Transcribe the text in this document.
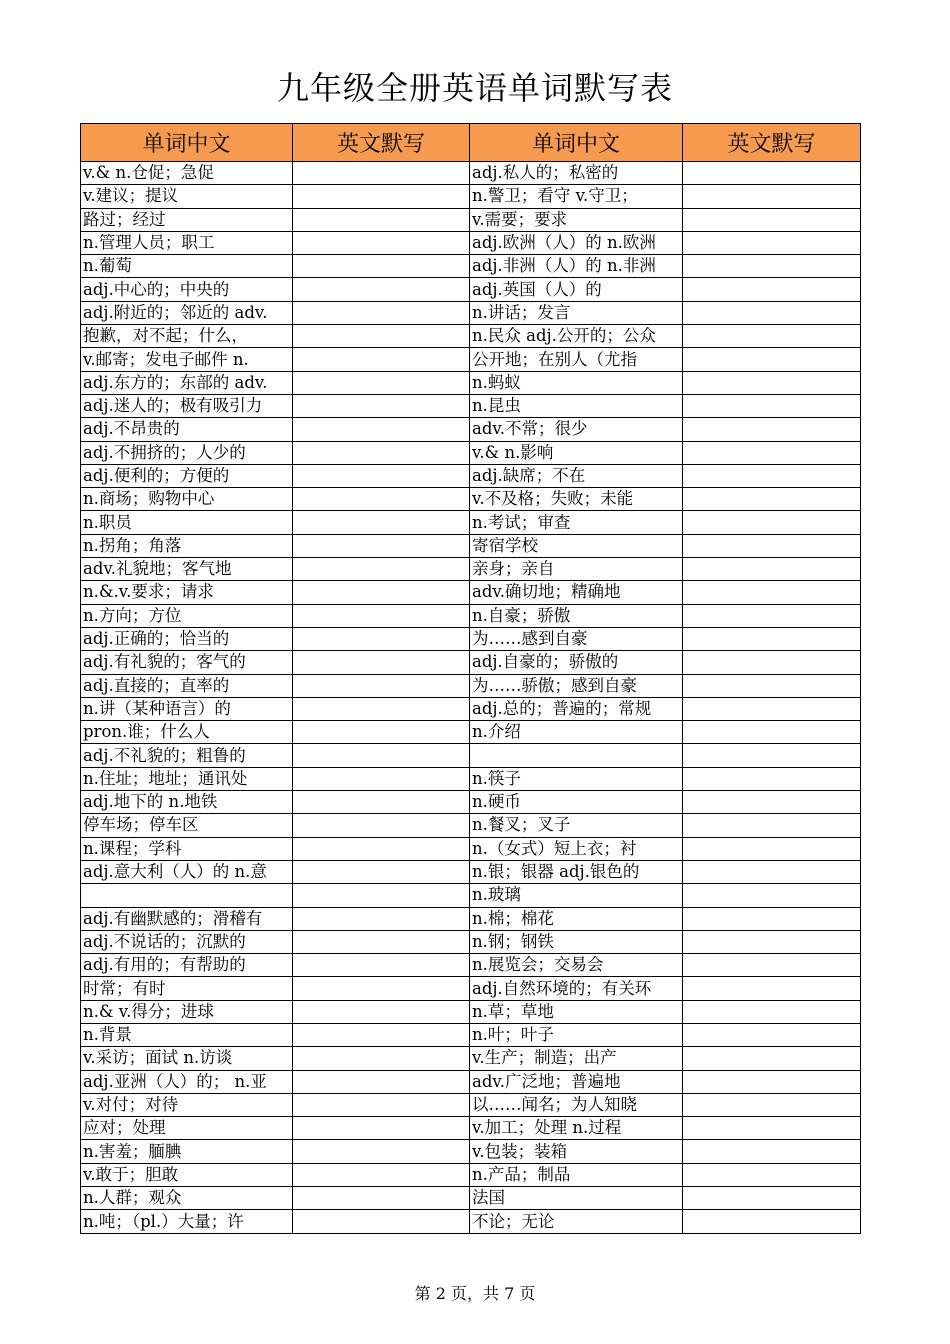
九年级全册英语单词默写表
单词中文	英文默写	单词中文	英文默写
v.& n.仓促；急促		adj.私人的；私密的	
v.建议；提议		n.警卫；看守 v.守卫；	
路过；经过		v.需要；要求	
n.管理人员；职工		adj.欧洲（人）的 n.欧洲	
n.葡萄		adj.非洲（人）的 n.非洲	
adj.中心的；中央的		adj.英国（人）的	
adj.附近的；邻近的 adv.		n.讲话；发言	
抱歉，对不起；什么，		n.民众 adj.公开的；公众	
v.邮寄；发电子邮件 n.		公开地；在别人（尤指	
adj.东方的；东部的 adv.		n.蚂蚁	
adj.迷人的；极有吸引力		n.昆虫	
adj.不昂贵的		adv.不常；很少	
adj.不拥挤的；人少的		v.& n.影响	
adj.便利的；方便的		adj.缺席；不在	
n.商场；购物中心		v.不及格；失败；未能	
n.职员		n.考试；审查	
n.拐角；角落		寄宿学校	
adv.礼貌地；客气地		亲身；亲自	
n.&.v.要求；请求		adv.确切地；精确地	
n.方向；方位		n.自豪；骄傲	
adj.正确的；恰当的		为……感到自豪	
adj.有礼貌的；客气的		adj.自豪的；骄傲的	
adj.直接的；直率的		为……骄傲；感到自豪	
n.讲（某种语言）的		adj.总的；普遍的；常规	
pron.谁；什么人		n.介绍	
adj.不礼貌的；粗鲁的			
n.住址；地址；通讯处		n.筷子	
adj.地下的 n.地铁		n.硬币	
停车场；停车区		n.餐叉；叉子	
n.课程；学科		n.（女式）短上衣；衬	
adj.意大利（人）的 n.意		n.银；银器 adj.银色的	
		n.玻璃	
adj.有幽默感的；滑稽有		n.棉；棉花	
adj.不说话的；沉默的		n.钢；钢铁	
adj.有用的；有帮助的		n.展览会；交易会	
时常；有时		adj.自然环境的；有关环	
n.& v.得分；进球		n.草；草地	
n.背景		n.叶；叶子	
v.采访；面试 n.访谈		v.生产；制造；出产	
adj.亚洲（人）的； n.亚		adv.广泛地；普遍地	
v.对付；对待		以……闻名；为人知晓	
应对；处理		v.加工；处理 n.过程	
n.害羞；腼腆		v.包装；装箱	
v.敢于；胆敢		n.产品；制品	
n.人群；观众		法国	
n.吨；（pl.）大量；许		不论；无论	
第 2 页，共 7 页
